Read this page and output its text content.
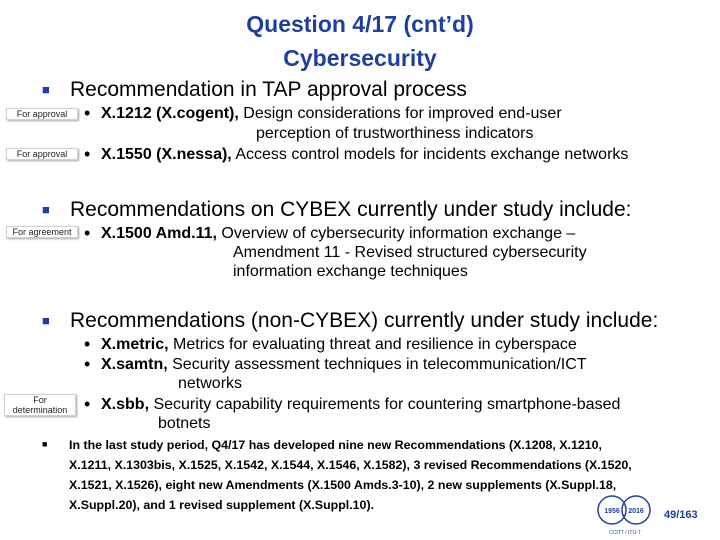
Question 4/17 (cnt’d)
Cybersecurity
■ Recommendation in TAP approval process
For approval • X.1212 (X.cogent), Design considerations for improved end-user
perception of trustworthiness indicators
For approval • X.1550 (X.nessa), Access control models for incidents exchange networks
■ Recommendations on CYBEX currently under study include:
For agreement • X.1500 Amd.11, Overview of cybersecurity information exchange –
Amendment 11 - Revised structured cybersecurity
information exchange techniques
■ Recommendations (non-CYBEX) currently under study include:
• X.metric, Metrics for evaluating threat and resilience in cyberspace
• X.samtn, Security assessment techniques in telecommunication/ICT
networks
For determination • X.sbb, Security capability requirements for countering smartphone-based
botnets
■ In the last study period, Q4/17 has developed nine new Recommendations (X.1208, X.1210,
X.1211, X.1303bis, X.1525, X.1542, X.1544, X.1546, X.1582), 3 revised Recommendations (X.1520,
X.1521, X.1526), eight new Amendments (X.1500 Amds.3-10), 2 new supplements (X.Suppl.18,
X.Suppl.20), and 1 revised supplement (X.Suppl.10).	1956 2016
CCITT / ITU-T
49/163
